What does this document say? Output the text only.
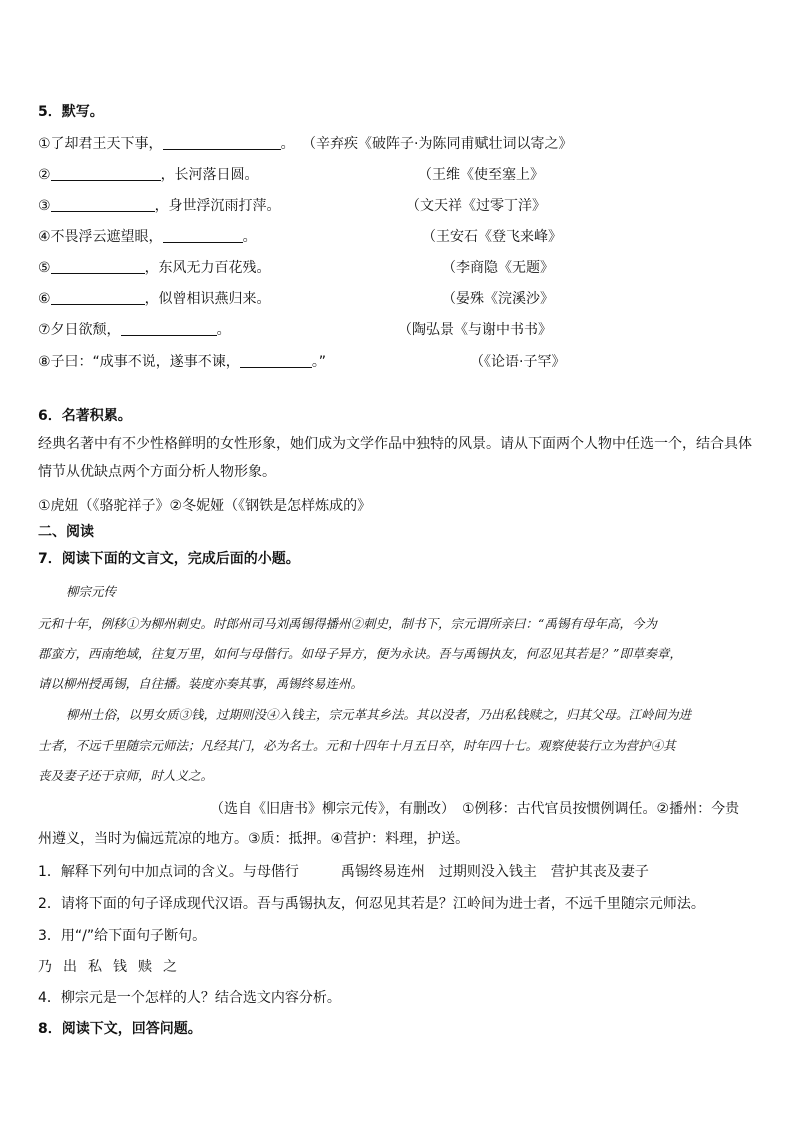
5．默写。
①了却君王天下事，	。 （辛弃疾《破阵子·为陈同甫赋壮词以寄之》
②	，长河落日圆。	（王维《使至塞上》
③	，身世浮沉雨打萍。	（文天祥《过零丁洋》
④不畏浮云遮望眼，	。	（王安石《登飞来峰》
⑤	，东风无力百花残。	（李商隐《无题》
⑥	，似曾相识燕归来。	（晏殊《浣溪沙》
⑦夕日欲颓，	。	（陶弘景《与谢中书书》
⑧子曰：“成事不说，遂事不谏，	。”	（《论语·子罕》
6．名著积累。
经典名著中有不少性格鲜明的女性形象，她们成为文学作品中独特的风景。请从下面两个人物中任选一个，结合具体
情节从优缺点两个方面分析人物形象。
①虎妞（《骆驼祥子》②冬妮娅（《钢铁是怎样炼成的》
二、阅读
7．阅读下面的文言文，完成后面的小题。
柳宗元传
元和十年，例移①为柳州刺史。时郎州司马刘禹锡得播州②刺史，制书下，宗元谓所亲曰：“禹锡有母年高，今为
郡蛮方，西南绝域，往复万里，如何与母偕行。如母子异方，便为永诀。吾与禹锡执友，何忍见其若是？”即草奏章，
请以柳州授禹锡，自往播。装度亦奏其事，禹锡终易连州。
柳州土俗，以男女质③钱，过期则没④入钱主，宗元革其乡法。其以没者，乃出私钱赎之，归其父母。江岭间为进
士者，不远千里随宗元师法；凡经其门，必为名士。元和十四年十月五日卒，时年四十七。观察使装行立为营护④其
丧及妻子还于京师，时人义之。
（选自《旧唐书》柳宗元传》，有删改）　①例移：古代官员按惯例调任。②播州：今贵
州遵义，当时为偏远荒凉的地方。③质：抵押。④营护：料理，护送。
1．解释下列句中加点词的含义。与母偕行　　　禹锡终易连州　过期则没入钱主　营护其丧及妻子
2．请将下面的句子译成现代汉语。吾与禹锡执友，何忍见其若是？江岭间为进士者，不远千里随宗元师法。
3．用“/”给下面句子断句。
乃出私钱赎之
4．柳宗元是一个怎样的人？结合选文内容分析。
8．阅读下文，回答问题。
